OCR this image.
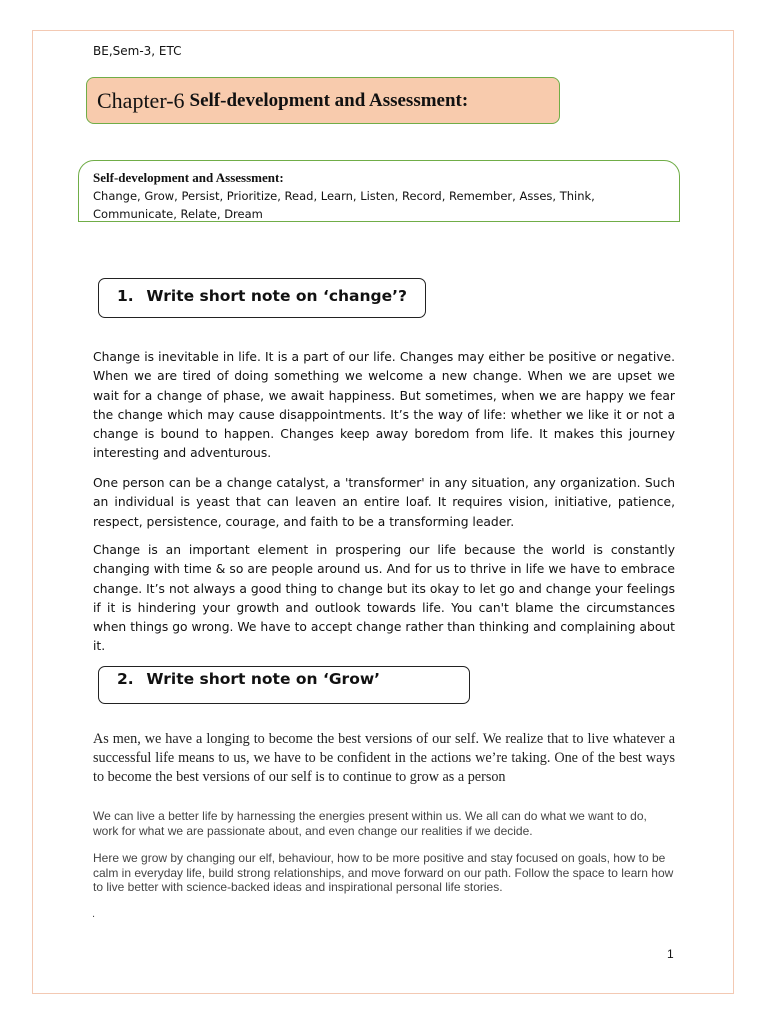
BE,Sem-3, ETC
Chapter-6 Self-development and Assessment:
Self-development and Assessment:
Change, Grow, Persist, Prioritize, Read, Learn, Listen, Record, Remember, Asses, Think, Communicate, Relate, Dream
1. Write short note on ‘change’?

Change is inevitable in life. It is a part of our life. Changes may either be positive or negative. When we are tired of doing something we welcome a new change. When we are upset we wait for a change of phase, we await happiness. But sometimes, when we are happy we fear the change which may cause disappointments. It’s the way of life: whether we like it or not a change is bound to happen. Changes keep away boredom from life. It makes this journey interesting and adventurous.

One person can be a change catalyst, a 'transformer' in any situation, any organization. Such an individual is yeast that can leaven an entire loaf. It requires vision, initiative, patience, respect, persistence, courage, and faith to be a transforming leader.

Change is an important element in prospering our life because the world is constantly changing with time & so are people around us. And for us to thrive in life we have to embrace change. It’s not always a good thing to change but its okay to let go and change your feelings if it is hindering your growth and outlook towards life. You can't blame the circumstances when things go wrong. We have to accept change rather than thinking and complaining about it.

2. Write short note on ‘Grow’

As men, we have a longing to become the best versions of our self. We realize that to live whatever a successful life means to us, we have to be confident in the actions we’re taking. One of the best ways to become the best versions of our self is to continue to grow as a person

We can live a better life by harnessing the energies present within us. We all can do what we want to do, work for what we are passionate about, and even change our realities if we decide.

Here we grow by changing our elf, behaviour, how to be more positive and stay focused on goals, how to be calm in everyday life, build strong relationships, and move forward on our path. Follow the space to learn how to live better with science-backed ideas and inspirational personal life stories.

.
1
